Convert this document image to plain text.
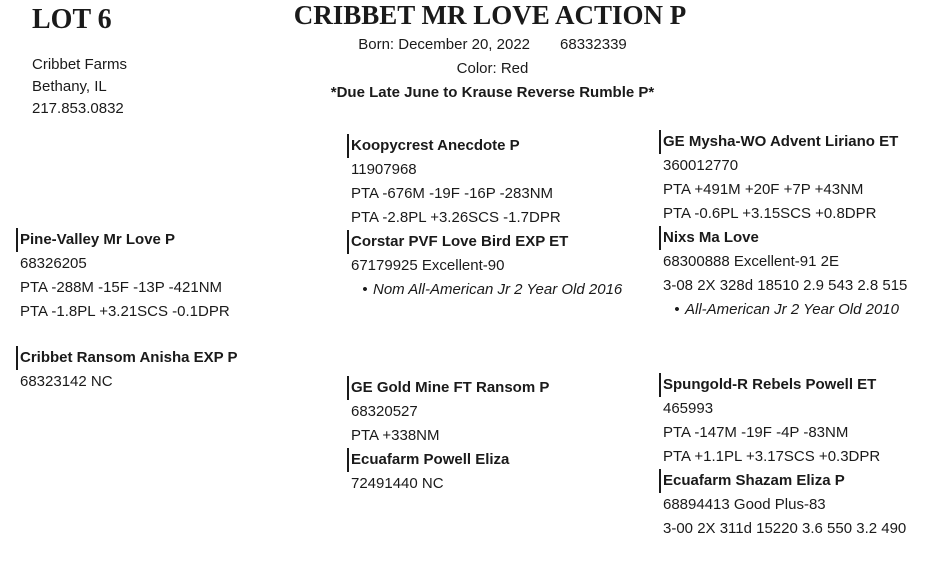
LOT 6	CRIBBET MR LOVE ACTION P
Cribbet Farms
Bethany, IL
217.853.0832
Born: December 20, 2022 68332339
Color: Red
*Due Late June to Krause Reverse Rumble P*
Pine-Valley Mr Love P
68326205
PTA -288M -15F -13P -421NM
PTA -1.8PL +3.21SCS -0.1DPR
Cribbet Ransom Anisha EXP P
68323142 NC
Koopycrest Anecdote P
11907968
PTA -676M -19F -16P -283NM
PTA -2.8PL +3.26SCS -1.7DPR
Corstar PVF Love Bird EXP ET
67179925 Excellent-90
• Nom All-American Jr 2 Year Old 2016
GE Mysha-WO Advent Liriano ET
360012770
PTA +491M +20F +7P +43NM
PTA -0.6PL +3.15SCS +0.8DPR
Nixs Ma Love
68300888 Excellent-91 2E
3-08 2X 328d 18510 2.9 543 2.8 515
• All-American Jr 2 Year Old 2010
GE Gold Mine FT Ransom P
68320527
PTA +338NM
Ecuafarm Powell Eliza
72491440 NC
Spungold-R Rebels Powell ET
465993
PTA -147M -19F -4P -83NM
PTA +1.1PL +3.17SCS +0.3DPR
Ecuafarm Shazam Eliza P
68894413 Good Plus-83
3-00 2X 311d 15220 3.6 550 3.2 490
